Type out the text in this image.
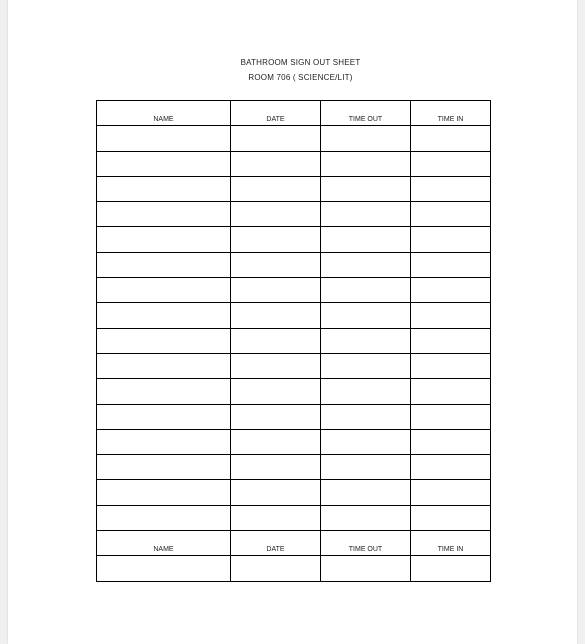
BATHROOM SIGN OUT SHEET
ROOM 706 ( SCIENCE/LIT)
NAME	DATE	TIME OUT	TIME IN

NAME	DATE	TIME OUT	TIME IN
